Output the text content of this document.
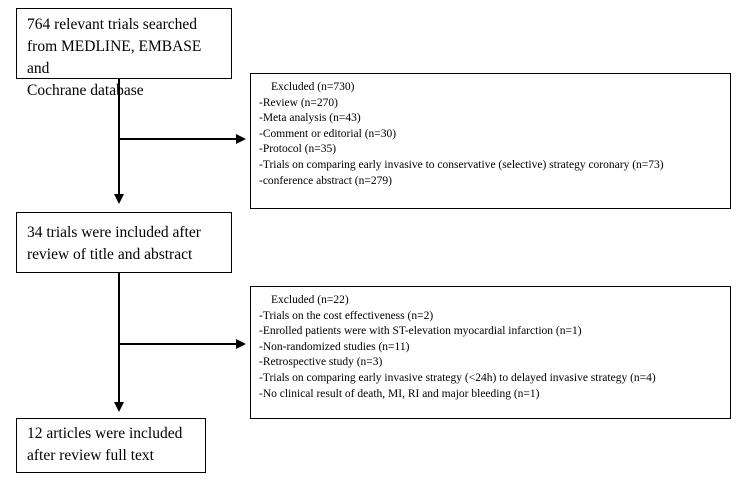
764 relevant trials searched
from MEDLINE, EMBASE and
Cochrane database	Excluded (n=730)
-Review (n=270)
-Meta analysis (n=43)
-Comment or editorial (n=30)
-Protocol (n=35)
-Trials on comparing early invasive to conservative (selective) strategy coronary (n=73)
-conference abstract (n=279)
34 trials were included after
review of title and abstract
Excluded (n=22)
-Trials on the cost effectiveness (n=2)
-Enrolled patients were with ST-elevation myocardial infarction (n=1)
-Non-randomized studies (n=11)
-Retrospective study (n=3)
-Trials on comparing early invasive strategy (<24h) to delayed invasive strategy (n=4)
-No clinical result of death, MI, RI and major bleeding (n=1)
12 articles were included
after review full text
